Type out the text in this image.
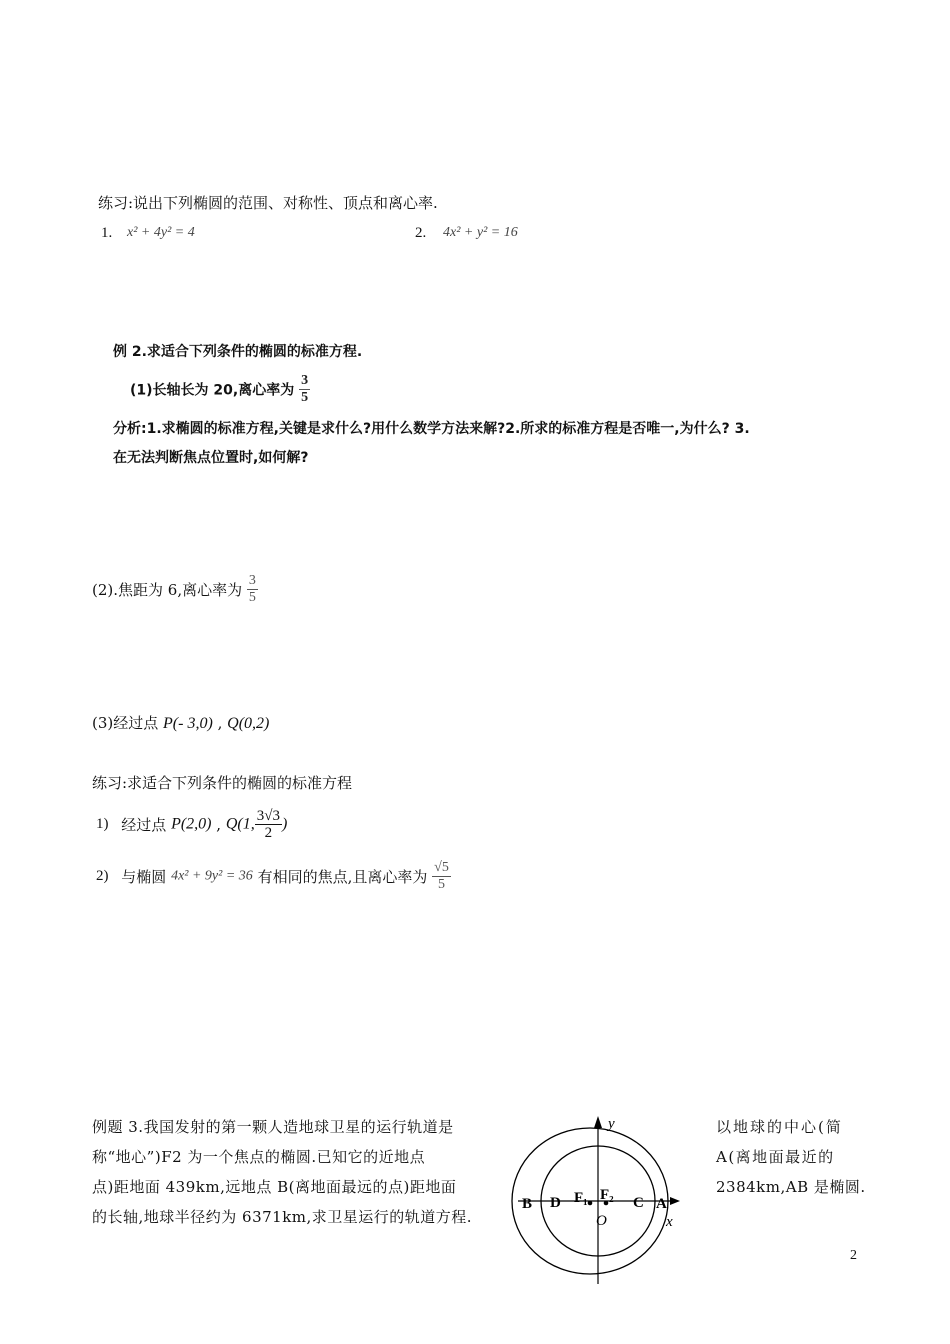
练习:说出下列椭圆的范围、对称性、顶点和离心率.
1. x² + 4y² = 4	2. 4x² + y² = 16
例 2.求适合下列条件的椭圆的标准方程.
(1)长轴长为 20,离心率为 $\frac{3}{5}$
分析:1.求椭圆的标准方程,关键是求什么?用什么数学方法来解?2.所求的标准方程是否唯一,为什么? 3.
在无法判断焦点位置时,如何解?
(2).焦距为 6,离心率为 $\frac{3}{5}$
(3)经过点 P(- 3,0) , Q(0,2)
练习:求适合下列条件的椭圆的标准方程
1) 经过点 P(2,0) , Q(1, $\frac{3√3}{2}$ )
2) 与椭圆 4x² + 9y² = 36 有相同的焦点,且离心率为 $\frac{√5}{5}$
例题 3.我国发射的第一颗人造地球卫星的运行轨道是
称“地心”)F2 为一个焦点的椭圆.已知它的近地点
点)距地面 439km,远地点 B(离地面最远的点)距地面
的长轴,地球半径约为 6371km,求卫星运行的轨道方程.
以地球的中心(简
A(离地面最近的
2384km,AB 是椭圆.
y
x
O
A
B	C
D F₁ F₂
2
